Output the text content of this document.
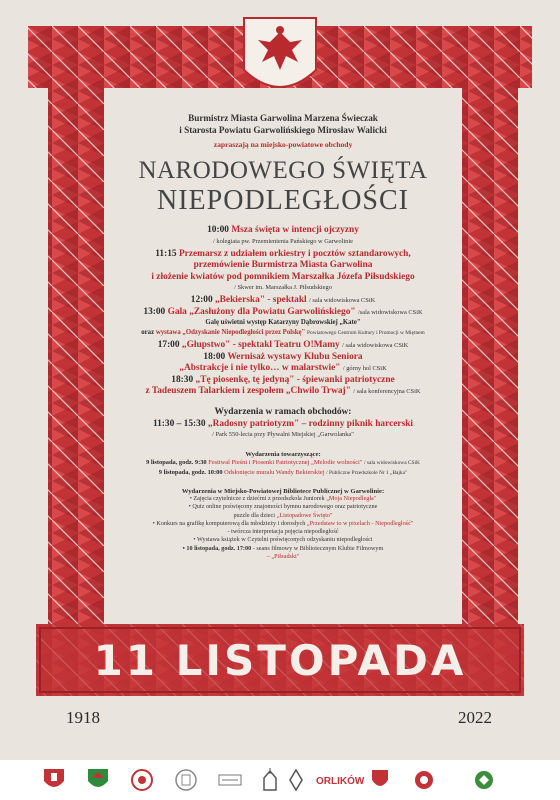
Burmistrz Miasta Garwolina Marzena Świeczak
i Starosta Powiatu Garwolińskiego Mirosław Walicki
zapraszają na miejsko-powiatowe obchody
NARODOWEGO ŚWIĘTA
NIEPODLEGŁOŚCI
10:00 Msza święta w intencji ojczyzny
/ kolegiata pw. Przemienienia Pańskiego w Garwolinie
11:15 Przemarsz z udziałem orkiestry i pocztów sztandarowych,
przemówienie Burmistrza Miasta Garwolina
i złożenie kwiatów pod pomnikiem Marszałka Józefa Piłsudskiego
/ Skwer im. Marszałka J. Piłsudskiego
12:00 „Bekierska" - spektakl / sala widowiskowa CSiK
13:00 Gala „Zasłużony dla Powiatu Garwolińskiego" /sala widowiskowa CSiK
Galę uświetni występ Katarzyny Dąbrowskiej „Kate"
oraz wystawa „Odzyskanie Niepodległości przez Polskę" Powiatowego Centrum Kultury i Promocji w Miętnem
17:00 „Głupstwo" - spektakl Teatru O!Mamy / sala widowiskowa CSiK
18:00 Wernisaż wystawy Klubu Seniora
„Abstrakcje i nie tylko… w malarstwie" / górny hol CSiK
18:30 „Tę piosenkę, tę jedyną" - śpiewanki patriotyczne
z Tadeuszem Talarkiem i zespołem „Chwilo Trwaj" / sala konferencyjna CSiK
Wydarzenia w ramach obchodów:
11:30 – 15:30 „Radosny patriotyzm" – rodzinny piknik harcerski
/ Park 550-lecia przy Pływalni Miejskiej „Garwolanka"
Wydarzenia towarzyszące:
9 listopada, godz. 9:30 Festiwal Pieśni i Piosenki Patriotycznej „Melodie wolności" / sala widowiskowa CSiK
9 listopada, godz. 10:00 Odsłonięcie muralu Wandy Bekierskiej / Publiczne Przedszkole Nr 1 „Bajka"
Wydarzenia w Miejsko-Powiatowej Bibliotece Publicznej w Garwolinie:
• Zajęcia czytelnicze z dziećmi z przedszkola Juniorek „Moja Niepodległa"
• Quiz online poświęcony znajomości hymnu narodowego oraz patriotyczne
puzzle dla dzieci „Listopadowe Święto"
• Konkurs na grafikę komputerową dla młodzieży i dorosłych „Przedstaw to w pixelach - Niepodległość"
- twórcza interpretacja pojęcia niepodległość
• Wystawa książek w Czytelni poświęconych odzyskaniu niepodległości
• 10 listopada, godz. 17:00 - seans filmowy w Bibliotecznym Klubie Filmowym
– „Piłsudski"
11 LISTOPADA
1918	2022
ORLIKÓW
